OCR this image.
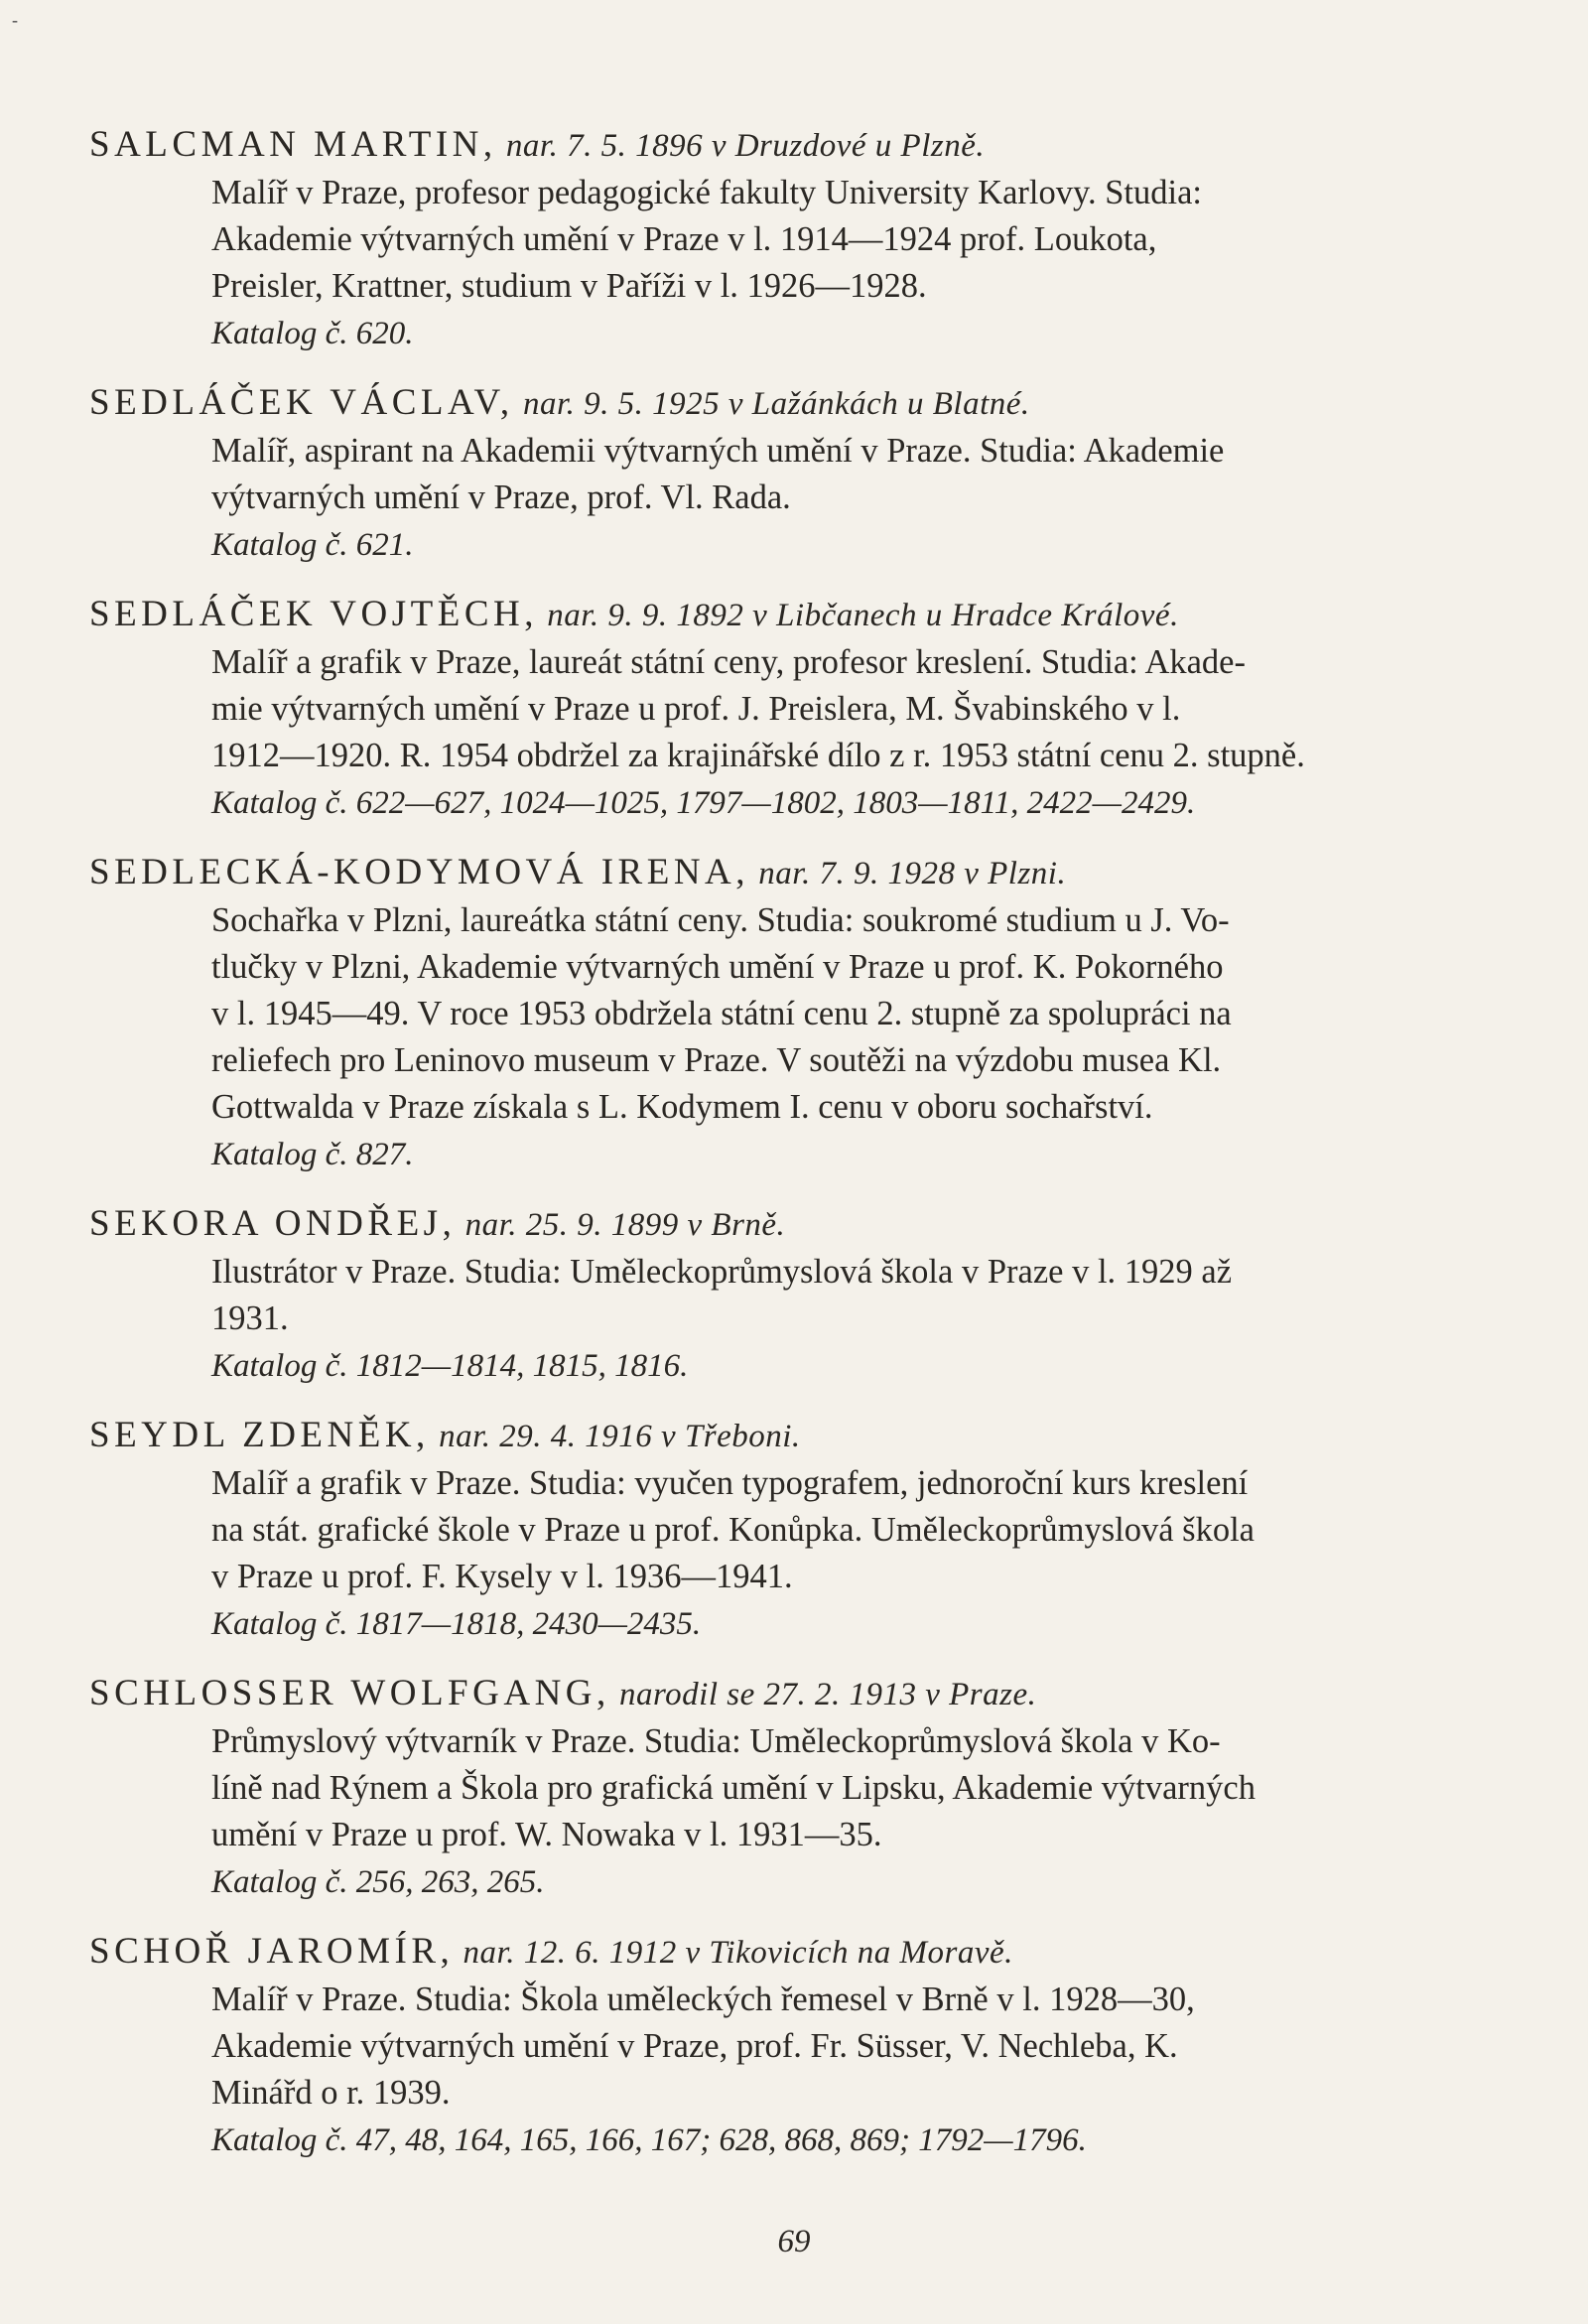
-
SALCMAN MARTIN, nar. 7. 5. 1896 v Druzdové u Plzně.
Malíř v Praze, profesor pedagogické fakulty University Karlovy. Studia:
Akademie výtvarných umění v Praze v l. 1914—1924 prof. Loukota,
Preisler, Krattner, studium v Paříži v l. 1926—1928.
Katalog č. 620.
SEDLÁČEK VÁCLAV, nar. 9. 5. 1925 v Lažánkách u Blatné.
Malíř, aspirant na Akademii výtvarných umění v Praze. Studia: Akademie
výtvarných umění v Praze, prof. Vl. Rada.
Katalog č. 621.
SEDLÁČEK VOJTĚCH, nar. 9. 9. 1892 v Libčanech u Hradce Králové.
Malíř a grafik v Praze, laureát státní ceny, profesor kreslení. Studia: Akade-
mie výtvarných umění v Praze u prof. J. Preislera, M. Švabinského v l.
1912—1920. R. 1954 obdržel za krajinářské dílo z r. 1953 státní cenu 2. stupně.
Katalog č. 622—627, 1024—1025, 1797—1802, 1803—1811, 2422—2429.
SEDLECKÁ-KODYMOVÁ IRENA, nar. 7. 9. 1928 v Plzni.
Sochařka v Plzni, laureátka státní ceny. Studia: soukromé studium u J. Vo-
tlučky v Plzni, Akademie výtvarných umění v Praze u prof. K. Pokorného
v l. 1945—49. V roce 1953 obdržela státní cenu 2. stupně za spolupráci na
reliefech pro Leninovo museum v Praze. V soutěži na výzdobu musea Kl.
Gottwalda v Praze získala s L. Kodymem I. cenu v oboru sochařství.
Katalog č. 827.
SEKORA ONDŘEJ, nar. 25. 9. 1899 v Brně.
Ilustrátor v Praze. Studia: Uměleckoprůmyslová škola v Praze v l. 1929 až
1931.
Katalog č. 1812—1814, 1815, 1816.
SEYDL ZDENĚK, nar. 29. 4. 1916 v Třeboni.
Malíř a grafik v Praze. Studia: vyučen typografem, jednoroční kurs kreslení
na stát. grafické škole v Praze u prof. Konůpka. Uměleckoprůmyslová škola
v Praze u prof. F. Kysely v l. 1936—1941.
Katalog č. 1817—1818, 2430—2435.
SCHLOSSER WOLFGANG, narodil se 27. 2. 1913 v Praze.
Průmyslový výtvarník v Praze. Studia: Uměleckoprůmyslová škola v Ko-
líně nad Rýnem a Škola pro grafická umění v Lipsku, Akademie výtvarných
umění v Praze u prof. W. Nowaka v l. 1931—35.
Katalog č. 256, 263, 265.
SCHOŘ JAROMÍR, nar. 12. 6. 1912 v Tikovicích na Moravě.
Malíř v Praze. Studia: Škola uměleckých řemesel v Brně v l. 1928—30,
Akademie výtvarných umění v Praze, prof. Fr. Süsser, V. Nechleba, K.
Minářd o r. 1939.
Katalog č. 47, 48, 164, 165, 166, 167; 628, 868, 869; 1792—1796.
69
